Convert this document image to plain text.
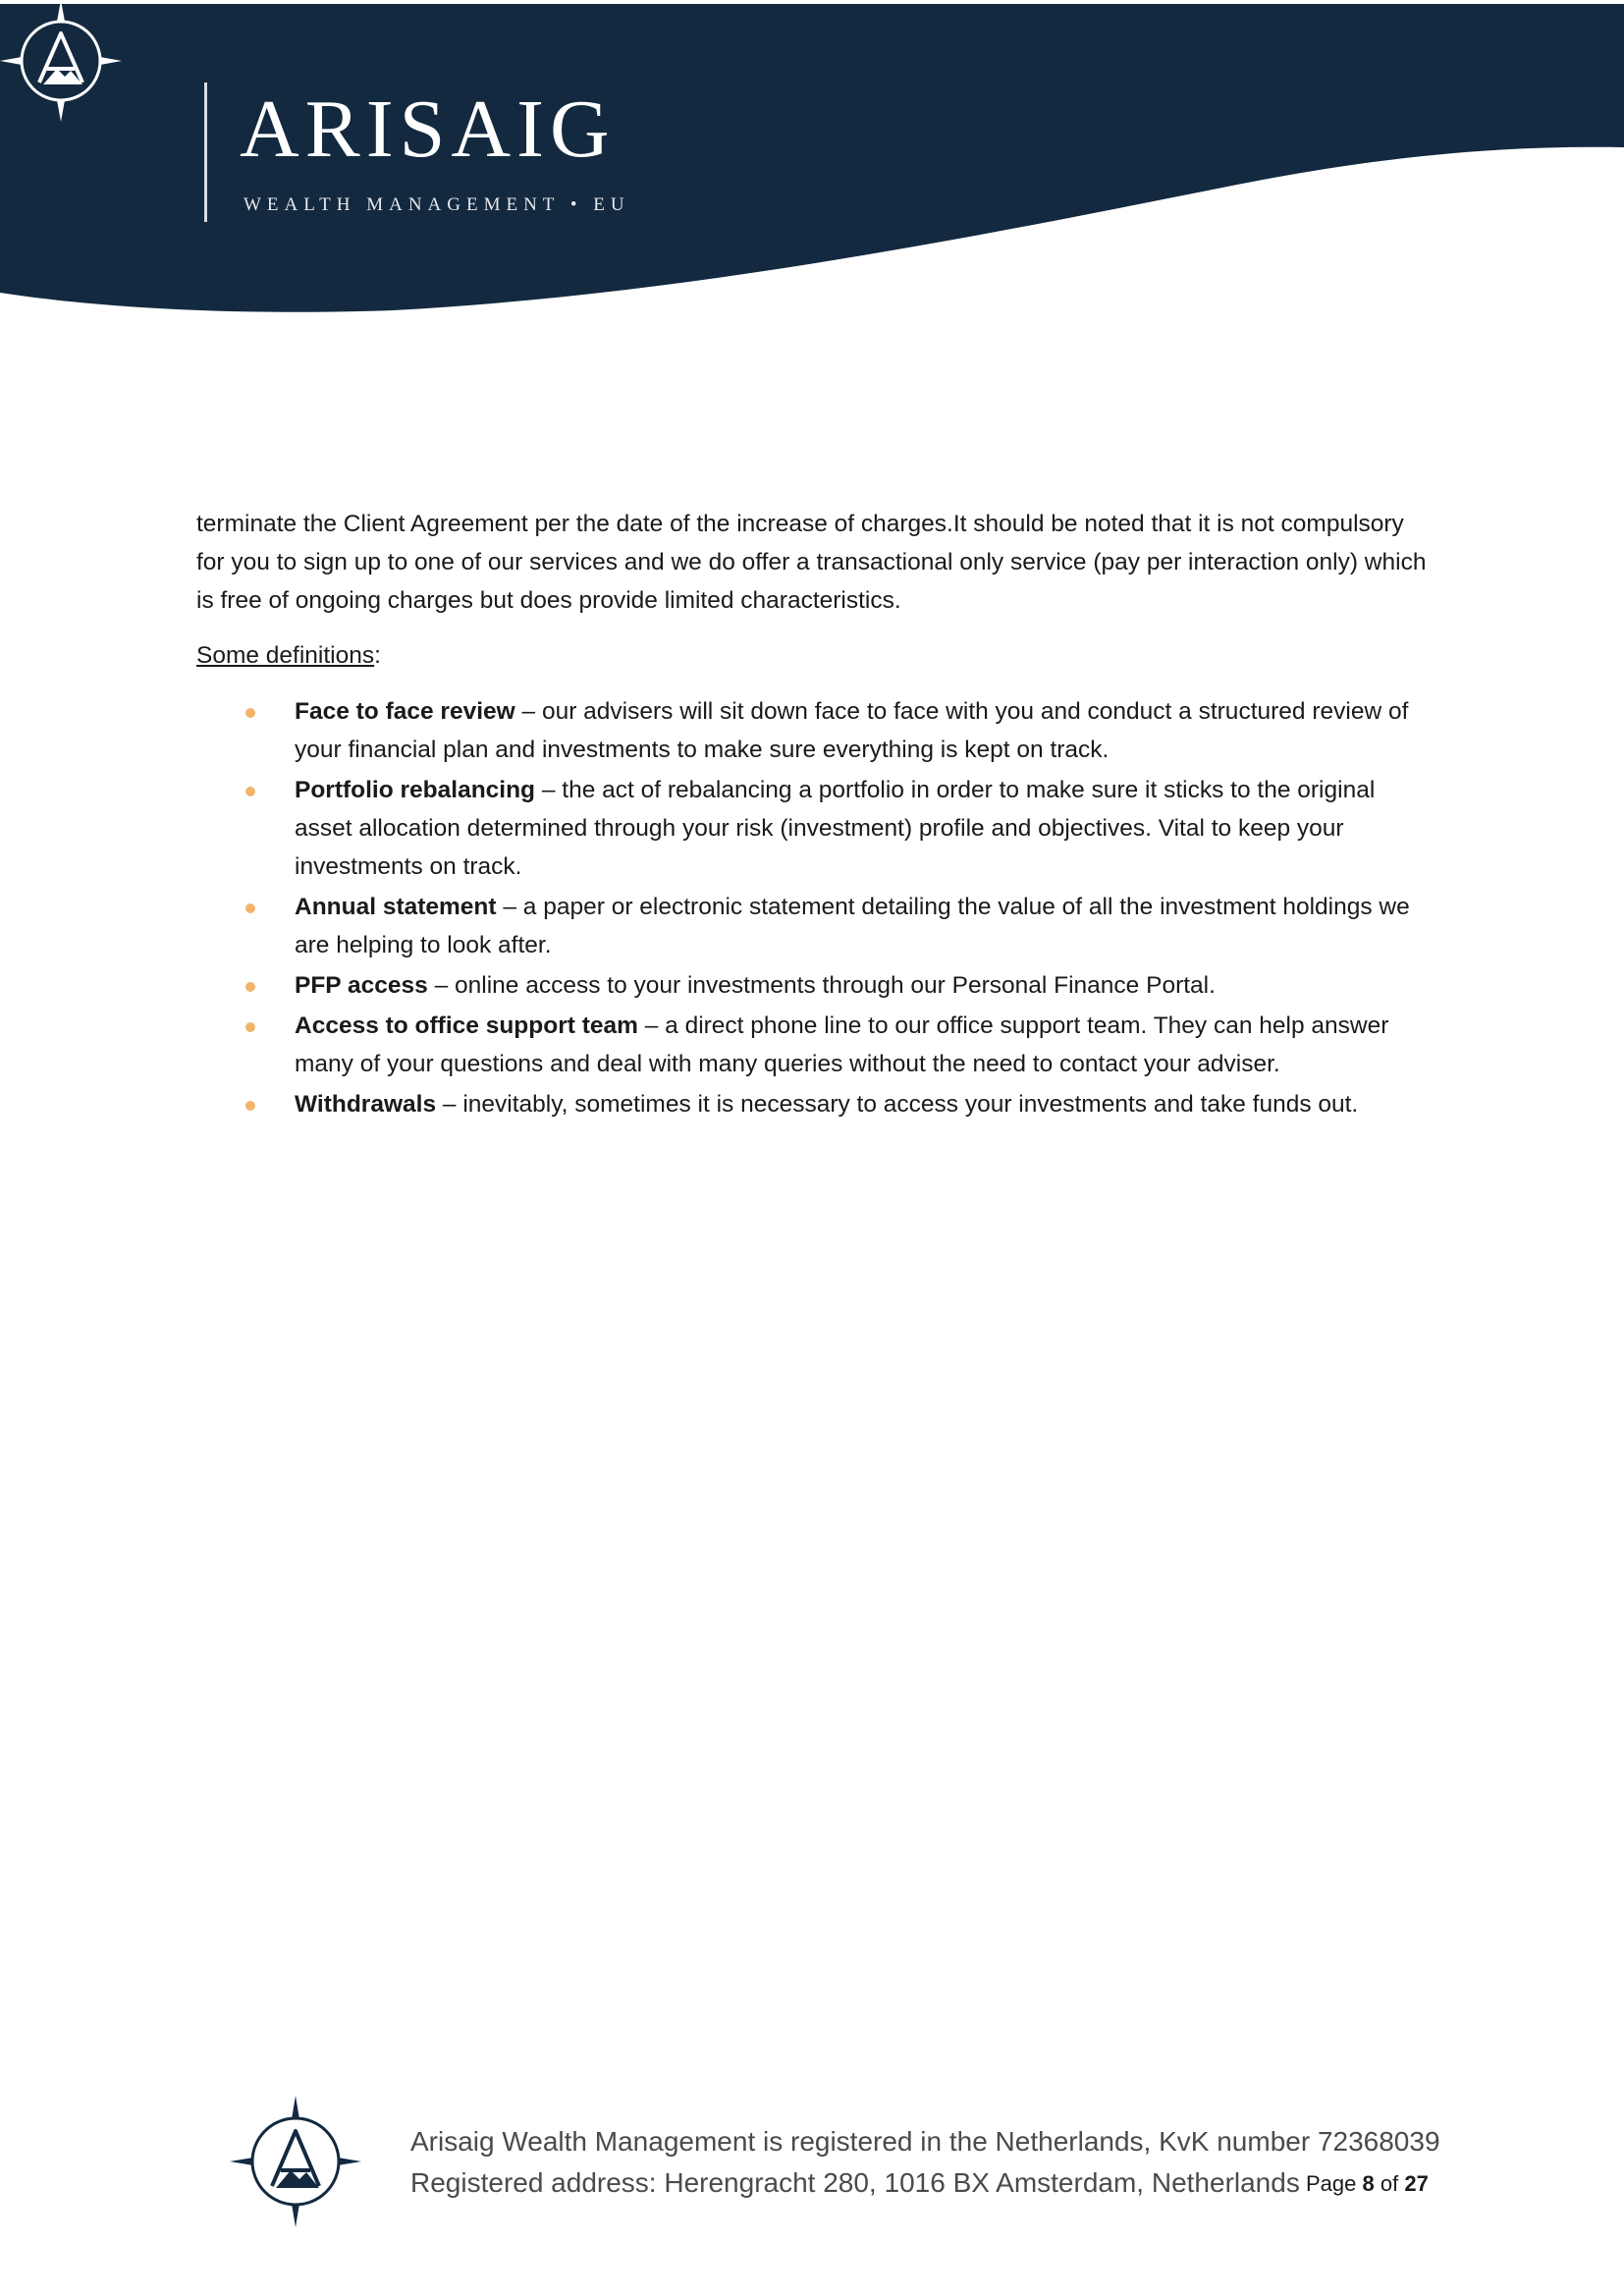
ARISAIG
WEALTH MANAGEMENT • EU

terminate the Client Agreement per the date of the increase of charges.It should be noted that it is not compulsory for you to sign up to one of our services and we do offer a transactional only service (pay per interaction only) which is free of ongoing charges but does provide limited characteristics.

Some definitions:

Face to face review – our advisers will sit down face to face with you and conduct a structured review of your financial plan and investments to make sure everything is kept on track.
Portfolio rebalancing – the act of rebalancing a portfolio in order to make sure it sticks to the original asset allocation determined through your risk (investment) profile and objectives. Vital to keep your investments on track.
Annual statement – a paper or electronic statement detailing the value of all the investment holdings we are helping to look after.
PFP access – online access to your investments through our Personal Finance Portal.
Access to office support team – a direct phone line to our office support team. They can help answer many of your questions and deal with many queries without the need to contact your adviser.
Withdrawals – inevitably, sometimes it is necessary to access your investments and take funds out.
Arisaig Wealth Management is registered in the Netherlands, KvK number 72368039
Registered address: Herengracht 280, 1016 BX Amsterdam, Netherlands Page 8 of 27
